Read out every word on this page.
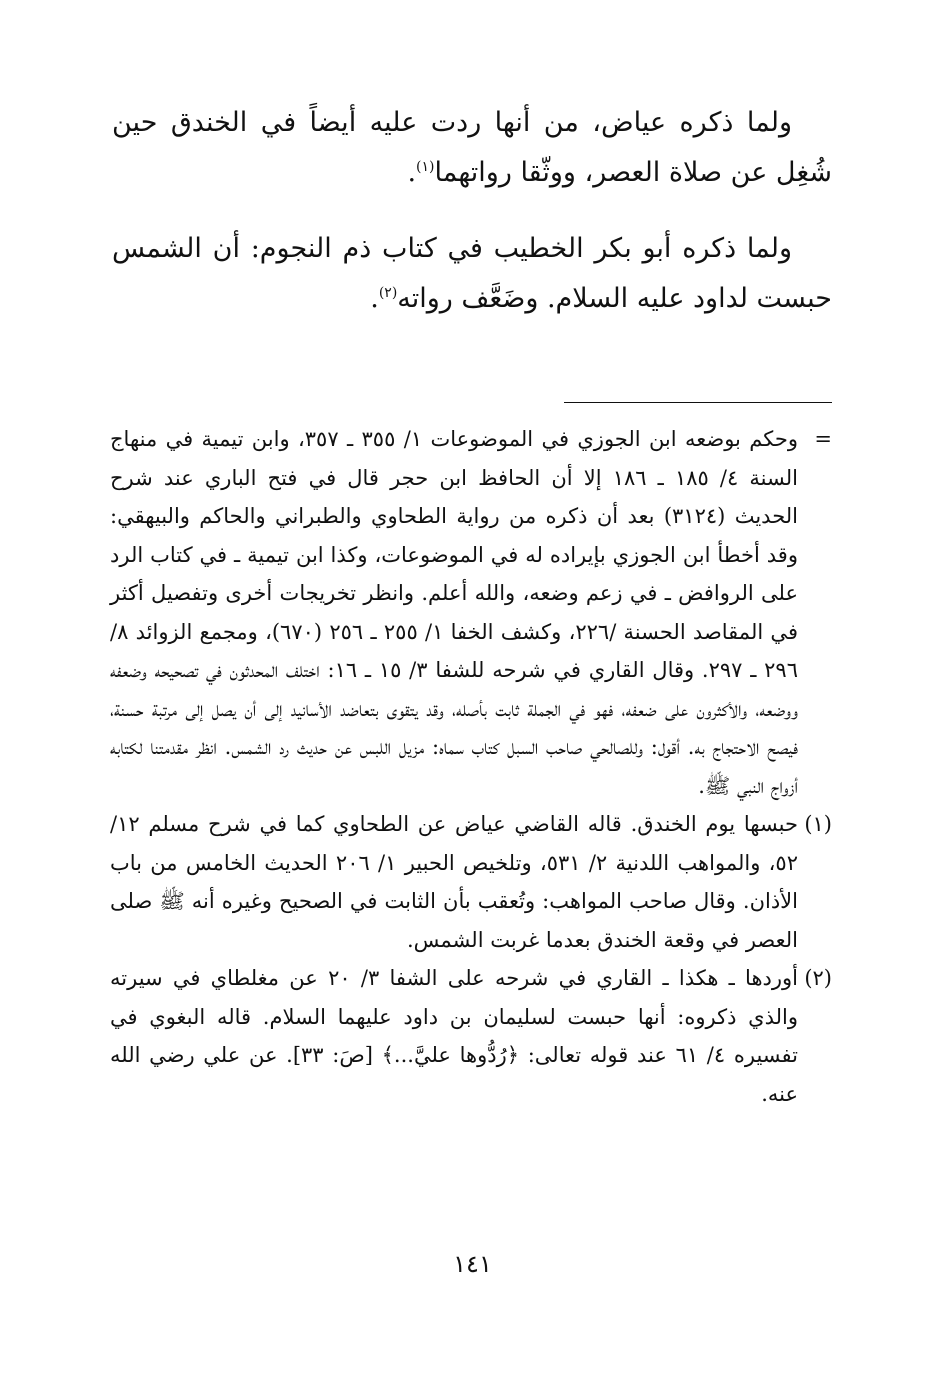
ولما ذكره عياض، من أنها ردت عليه أيضاً في الخندق حين شُغِل عن صلاة العصر، ووثّقا رواتهما$^{(١)}$.

ولما ذكره أبو بكر الخطيب في كتاب ذم النجوم: أن الشمس حبست لداود عليه السلام. وضَعَّف رواته$^{(٢)}$.

=

وحكم بوضعه ابن الجوزي في الموضوعات ١/ ٣٥٥ ـ ٣٥٧، وابن تيمية في منهاج السنة ٤/ ١٨٥ ـ ١٨٦ إلا أن الحافظ ابن حجر قال في فتح الباري عند شرح الحديث (٣١٢٤) بعد أن ذكره من رواية الطحاوي والطبراني والحاكم والبيهقي: وقد أخطأ ابن الجوزي بإيراده له في الموضوعات، وكذا ابن تيمية ـ في كتاب الرد على الروافض ـ في زعم وضعه، والله أعلم. وانظر تخريجات أخرى وتفصيل أكثر في المقاصد الحسنة /٢٢٦، وكشف الخفا ١/ ٢٥٥ ـ ٢٥٦ (٦٧٠)، ومجمع الزوائد ٨/ ٢٩٦ ـ ٢٩٧. وقال القاري في شرحه للشفا ٣/ ١٥ ـ ١٦: اختلف المحدثون في تصحيحه وضعفه ووضعه، والأكثرون على ضعفه، فهو في الجملة ثابت بأصله، وقد يتقوى بتعاضد الأسانيد إلى أن يصل إلى مرتبة حسنة، فيصح الاحتجاج به. أقول: وللصالحي صاحب السبل كتاب سماه: مزيل اللبس عن حديث رد الشمس. انظر مقدمتنا لكتابه أزواج النبي ﷺ.

(١)

حبسها يوم الخندق. قاله القاضي عياض عن الطحاوي كما في شرح مسلم ١٢/ ٥٢، والمواهب اللدنية ٢/ ٥٣١، وتلخيص الحبير ١/ ٢٠٦ الحديث الخامس من باب الأذان. وقال صاحب المواهب: وتُعقب بأن الثابت في الصحيح وغيره أنه ﷺ صلى العصر في وقعة الخندق بعدما غربت الشمس.

(٢)

أوردها ـ هكذا ـ القاري في شرحه على الشفا ٣/ ٢٠ عن مغلطاي في سيرته والذي ذكروه: أنها حبست لسليمان بن داود عليهما السلام. قاله البغوي في تفسيره ٤/ ٦١ عند قوله تعالى: ﴿رُدُّوها عليَّ...﴾ [صَ: ٣٣]. عن علي رضي الله عنه.

١٤١
